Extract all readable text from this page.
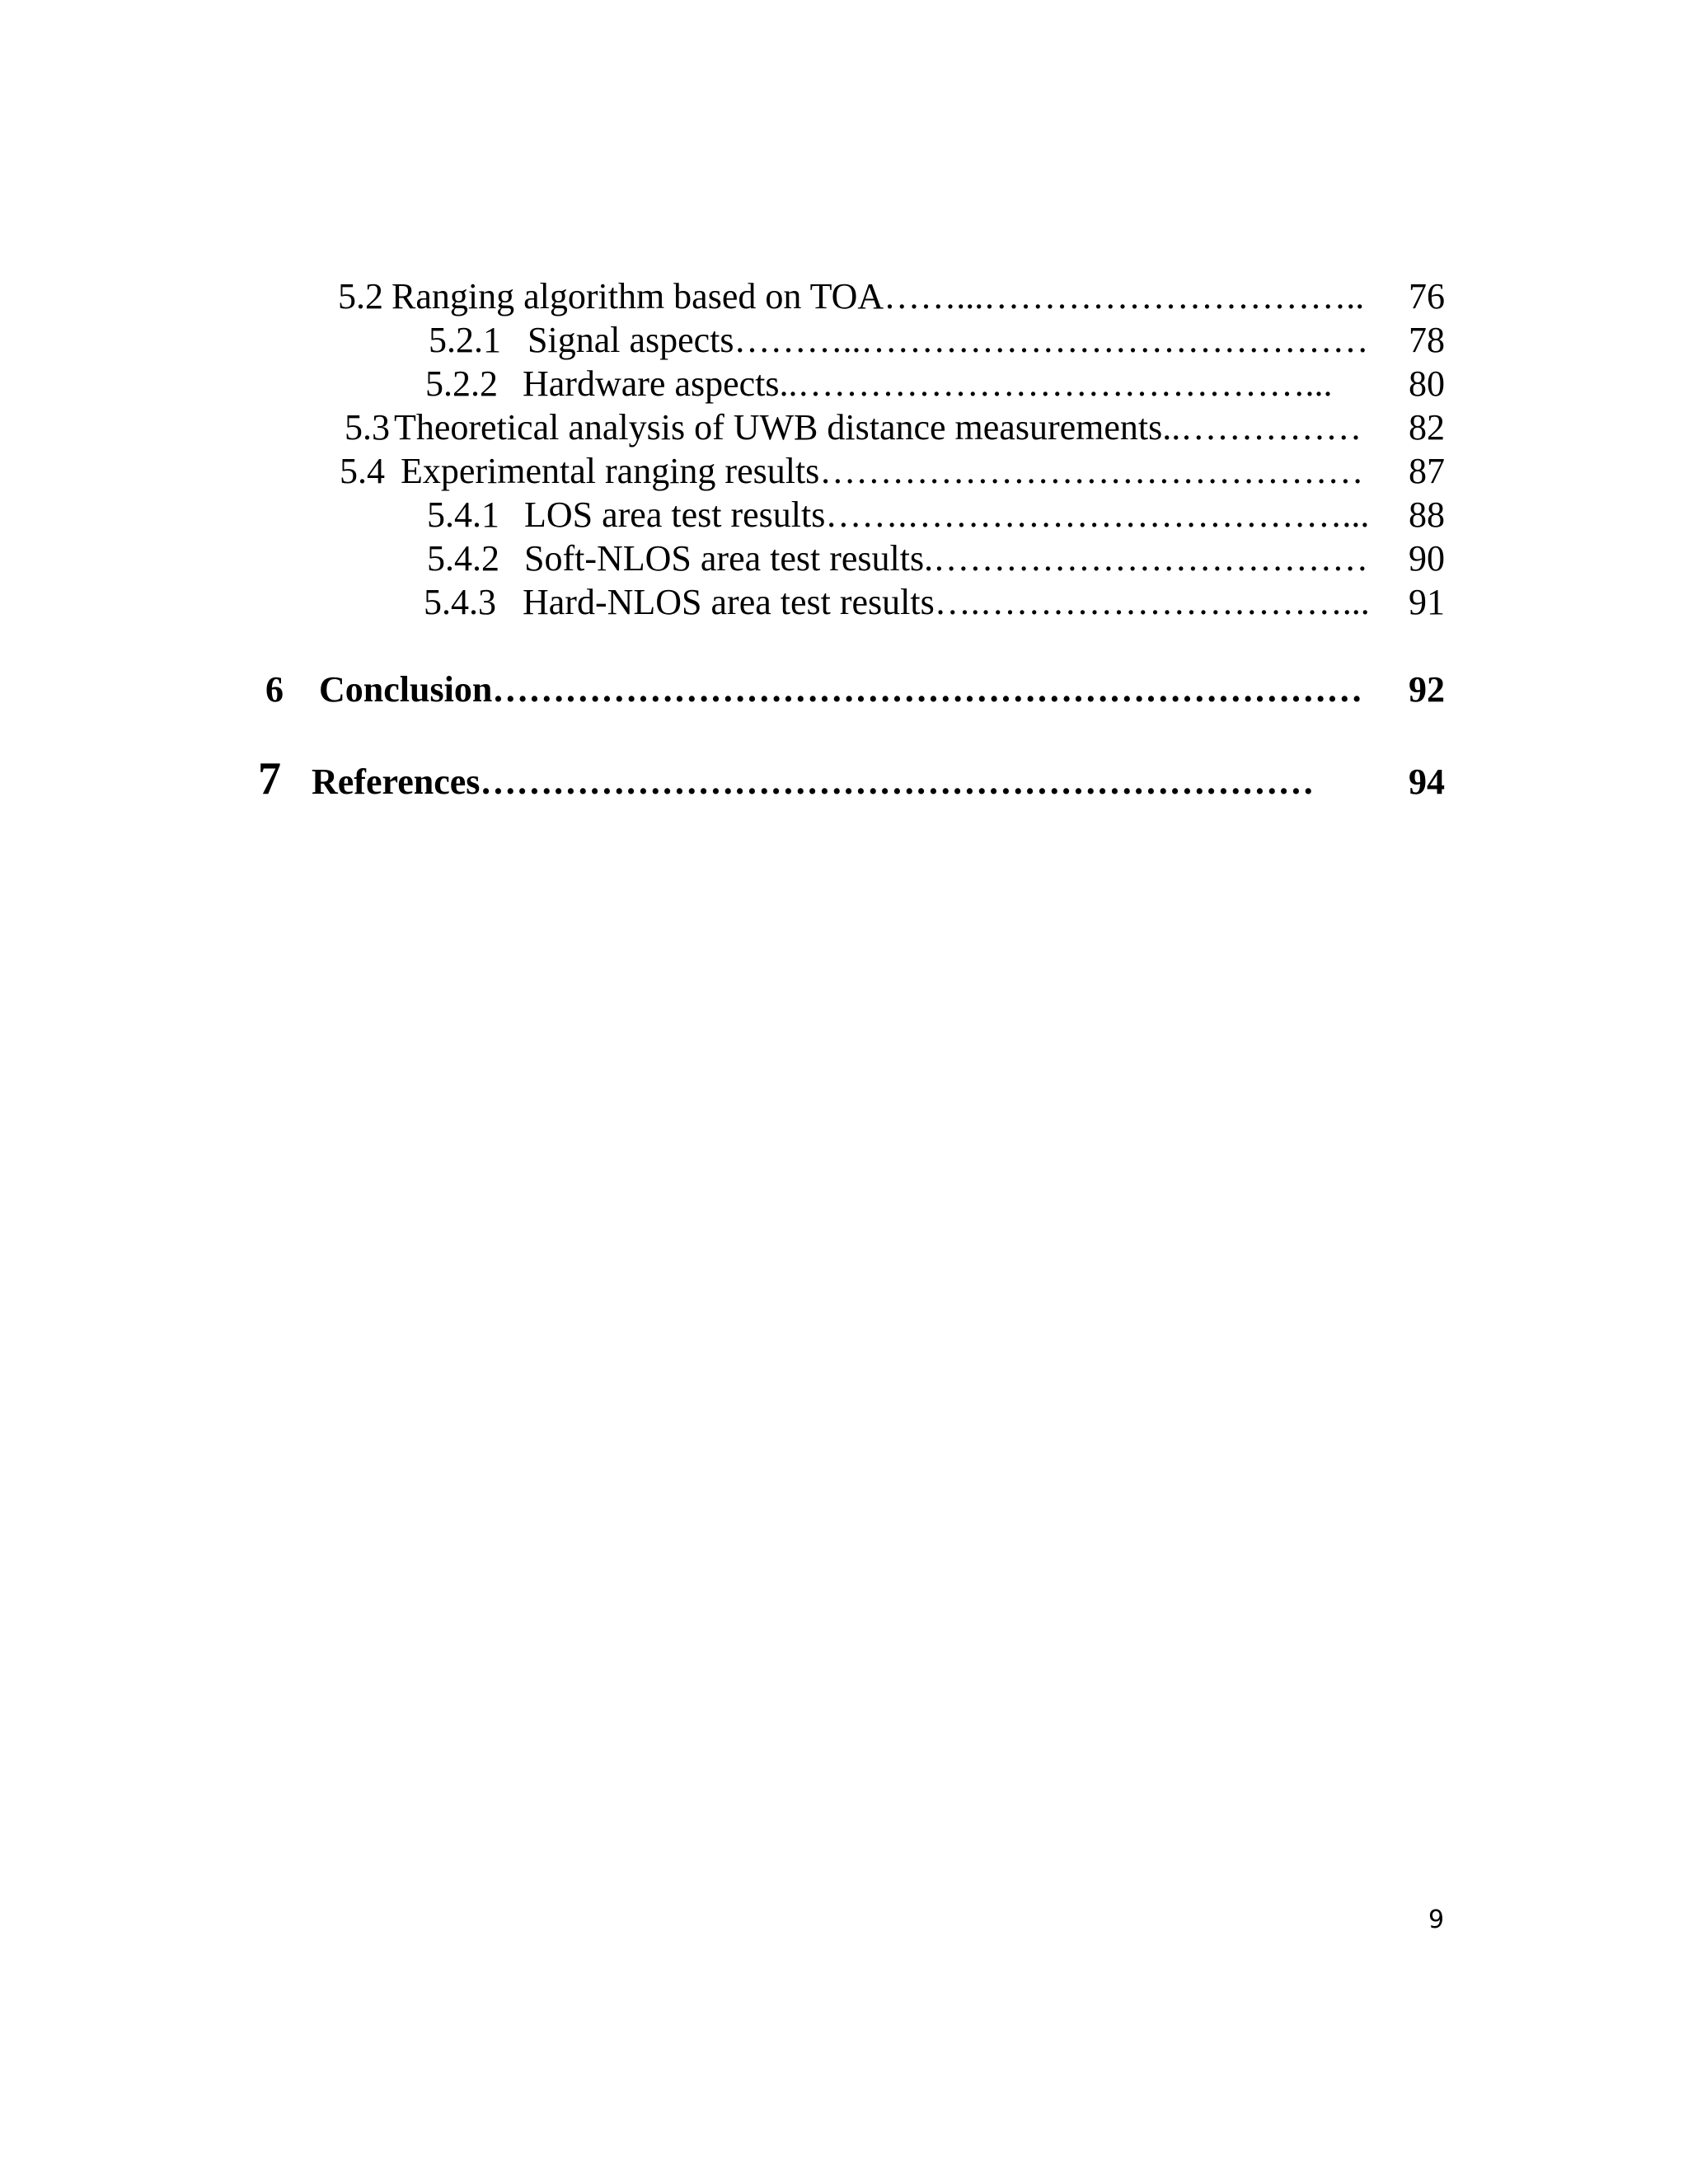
5.2 Ranging algorithm based on TOA ……...…………………………..	76
5.2.1 Signal aspects ………..……………………………………	78
5.2.2 Hardware aspects.. ……………………………………...	80
5.3 Theoretical analysis of UWB distance measurements.. ……………	82
5.4 Experimental ranging results ………………………………………	87
5.4.1 LOS area test results …….………………………………...	88
5.4.2 Soft-NLOS area test results. ………………………………	90
5.4.3 Hard-NLOS area test results ….…………………………...	91
6 Conclusion ………………………………………………………………	92
7 References ……………………………………………………………	94
9
